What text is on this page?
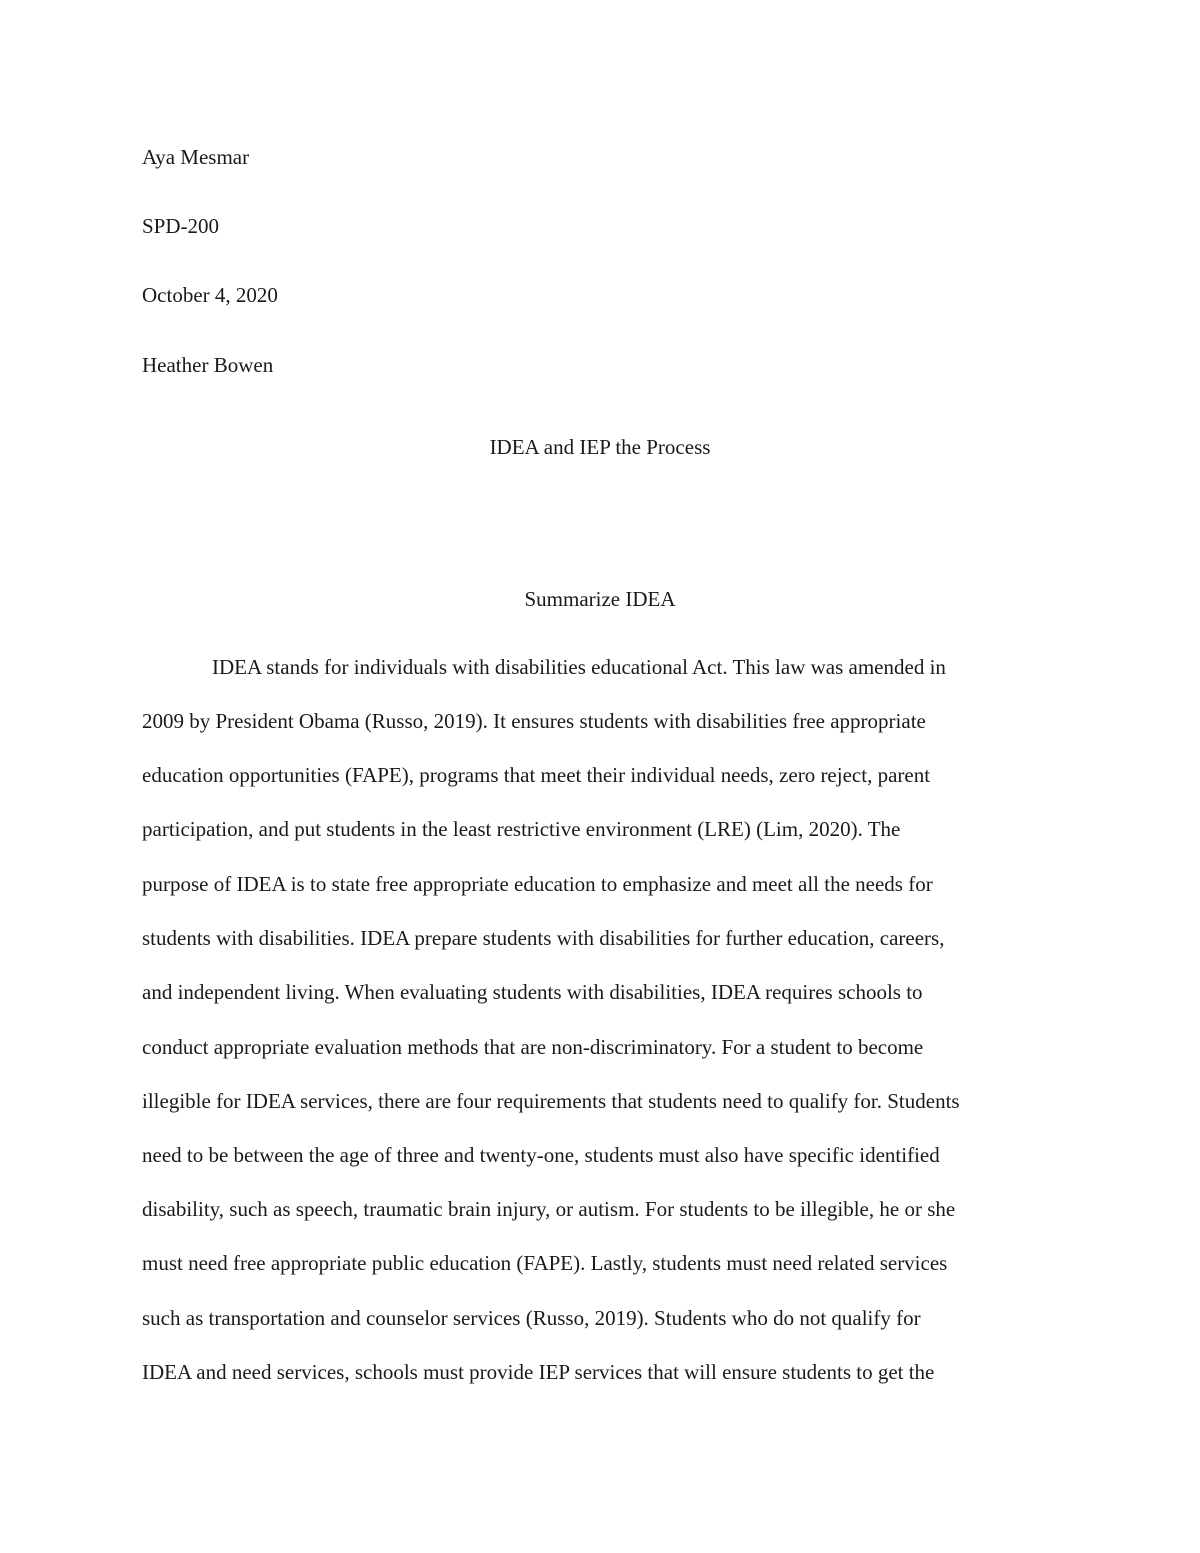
Aya Mesmar
SPD-200
October 4, 2020
Heather Bowen
IDEA and IEP the Process
Summarize IDEA
IDEA stands for individuals with disabilities educational Act. This law was amended in
2009 by President Obama (Russo, 2019). It ensures students with disabilities free appropriate
education opportunities (FAPE), programs that meet their individual needs, zero reject, parent
participation, and put students in the least restrictive environment (LRE) (Lim, 2020). The
purpose of IDEA is to state free appropriate education to emphasize and meet all the needs for
students with disabilities. IDEA prepare students with disabilities for further education, careers,
and independent living. When evaluating students with disabilities, IDEA requires schools to
conduct appropriate evaluation methods that are non-discriminatory. For a student to become
illegible for IDEA services, there are four requirements that students need to qualify for. Students
need to be between the age of three and twenty-one, students must also have specific identified
disability, such as speech, traumatic brain injury, or autism. For students to be illegible, he or she
must need free appropriate public education (FAPE). Lastly, students must need related services
such as transportation and counselor services (Russo, 2019). Students who do not qualify for
IDEA and need services, schools must provide IEP services that will ensure students to get the
